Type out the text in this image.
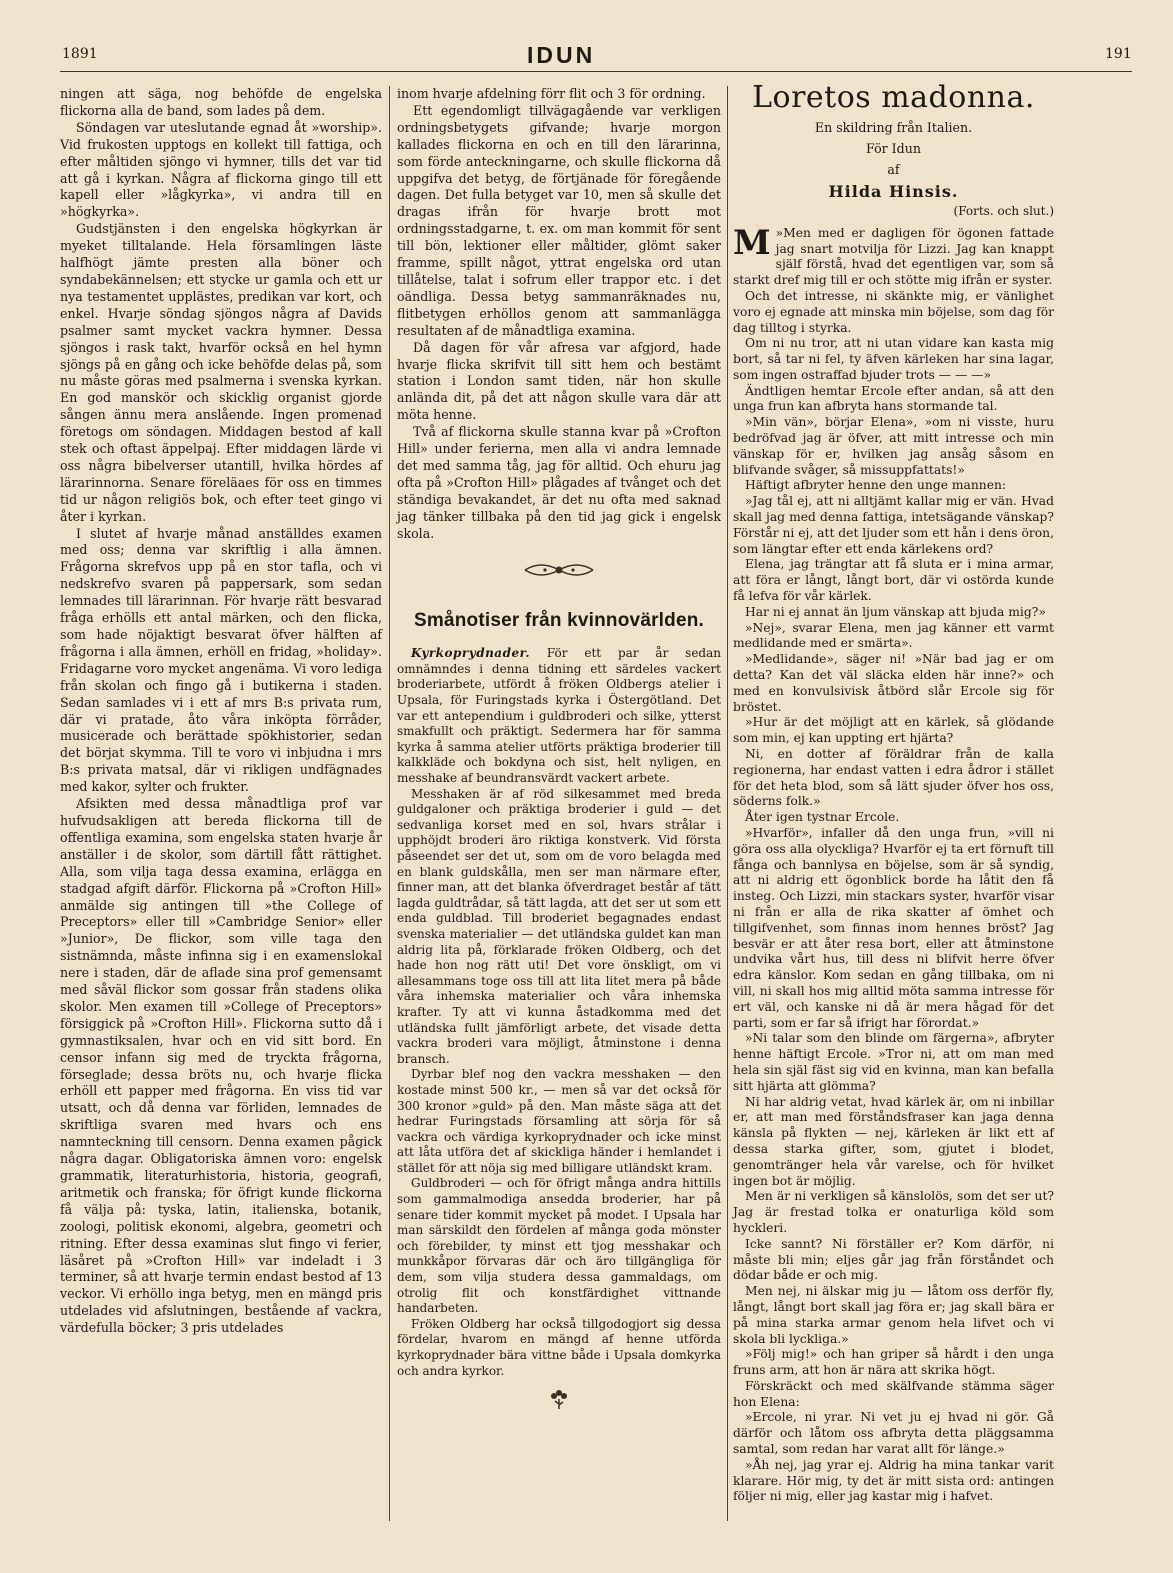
1891	IDUN	191

ningen att säga, nog behöfde de engelska flickorna alla de band, som lades på dem.

Söndagen var uteslutande egnad åt »worship». Vid frukosten upptogs en kollekt till fattiga, och efter måltiden sjöngo vi hymner, tills det var tid att gå i kyrkan. Några af flickorna gingo till ett kapell eller »lågkyrka», vi andra till en »högkyrka».

Gudstjänsten i den engelska högkyrkan är myeket tilltalande. Hela församlingen läste halfhögt jämte presten alla böner och syndabekännelsen; ett stycke ur gamla och ett ur nya testamentet upplästes, predikan var kort, och enkel. Hvarje söndag sjöngos några af Davids psalmer samt mycket vackra hymner. Dessa sjöngos i rask takt, hvarför också en hel hymn sjöngs på en gång och icke behöfde delas på, som nu måste göras med psalmerna i svenska kyrkan. En god manskör och skicklig organist gjorde sången ännu mera anslående. Ingen promenad företogs om söndagen. Middagen bestod af kall stek och oftast äppelpaj. Efter middagen lärde vi oss några bibelverser utantill, hvilka hördes af lärarinnorna. Senare föreläaes för oss en timmes tid ur någon religiös bok, och efter teet gingo vi åter i kyrkan.

I slutet af hvarje månad anställdes examen med oss; denna var skriftlig i alla ämnen. Frågorna skrefvos upp på en stor tafla, och vi nedskrefvo svaren på pappersark, som sedan lemnades till lärarinnan. För hvarje rätt besvarad fråga erhölls ett antal märken, och den flicka, som hade nöjaktigt besvarat öfver hälften af frågorna i alla ämnen, erhöll en fridag, »holiday». Fridagarne voro mycket angenäma. Vi voro lediga från skolan och fingo gå i butikerna i staden. Sedan samlades vi i ett af mrs B:s privata rum, där vi pratade, åto våra inköpta förråder, musicerade och berättade spökhistorier, sedan det börjat skymma. Till te voro vi inbjudna i mrs B:s privata matsal, där vi rikligen undfägnades med kakor, sylter och frukter.

Afsikten med dessa månadtliga prof var hufvudsakligen att bereda flickorna till de offentliga examina, som engelska staten hvarje år anställer i de skolor, som därtill fått rättighet. Alla, som vilja taga dessa examina, erlägga en stadgad afgift därför. Flickorna på »Crofton Hill» anmälde sig antingen till »the College of Preceptors» eller till »Cambridge Senior» eller »Junior», De flickor, som ville taga den sistnämnda, måste infinna sig i en examenslokal nere i staden, där de aflade sina prof gemensamt med såväl flickor som gossar från stadens olika skolor. Men examen till »College of Preceptors» försiggick på »Crofton Hill». Flickorna sutto då i gymnastiksalen, hvar och en vid sitt bord. En censor infann sig med de tryckta frågorna, förseglade; dessa bröts nu, och hvarje flicka erhöll ett papper med frågorna. En viss tid var utsatt, och då denna var förliden, lemnades de skriftliga svaren med hvars och ens namnteckning till censorn. Denna examen pågick några dagar. Obligatoriska ämnen voro: engelsk grammatik, literaturhistoria, historia, geografi, aritmetik och franska; för öfrigt kunde flickorna få välja på: tyska, latin, italienska, botanik, zoologi, politisk ekonomi, algebra, geometri och ritning. Efter dessa examinas slut fingo vi ferier, läsåret på »Crofton Hill» var indeladt i 3 terminer, så att hvarje termin endast bestod af 13 veckor. Vi erhöllo inga betyg, men en mängd pris utdelades vid afslutningen, bestående af vackra, värdefulla böcker; 3 pris utdelades

inom hvarje afdelning förr flit och 3 för ordning.

Ett egendomligt tillvägagående var verkligen ordningsbetygets gifvande; hvarje morgon kallades flickorna en och en till den lärarinna, som förde anteckningarne, och skulle flickorna då uppgifva det betyg, de förtjänade för föregående dagen. Det fulla betyget var 10, men så skulle det dragas ifrån för hvarje brott mot ordningsstadgarne, t. ex. om man kommit för sent till bön, lektioner eller måltider, glömt saker framme, spillt något, yttrat engelska ord utan tillåtelse, talat i sofrum eller trappor etc. i det oändliga. Dessa betyg sammanräknades nu, flitbetygen erhöllos genom att sammanlägga resultaten af de månadtliga examina.

Då dagen för vår afresa var afgjord, hade hvarje flicka skrifvit till sitt hem och bestämt station i London samt tiden, när hon skulle anlända dit, på det att någon skulle vara där att möta henne.

Två af flickorna skulle stanna kvar på »Crofton Hill» under ferierna, men alla vi andra lemnade det med samma tåg, jag för alltid. Och ehuru jag ofta på »Crofton Hill» plågades af tvånget och det ständiga bevakandet, är det nu ofta med saknad jag tänker tillbaka på den tid jag gick i engelsk skola.

Smånotiser från kvinnovärlden.

Kyrkoprydnader. För ett par år sedan omnämndes i denna tidning ett särdeles vackert broderiarbete, utfördt å fröken Oldbergs atelier i Upsala, för Furingstads kyrka i Östergötland. Det var ett antependium i guldbroderi och silke, ytterst smakfullt och präktigt. Sedermera har för samma kyrka å samma atelier utförts präktiga broderier till kalkkläde och bokdyna och sist, helt nyligen, en messhake af beundransvärdt vackert arbete.

Messhaken är af röd silkesammet med breda guldgaloner och präktiga broderier i guld — det sedvanliga korset med en sol, hvars strålar i upphöjdt broderi äro riktiga konstverk. Vid första påseendet ser det ut, som om de voro belagda med en blank guldskålla, men ser man närmare efter, finner man, att det blanka öfverdraget består af tätt lagda guldtrådar, så tätt lagda, att det ser ut som ett enda guldblad. Till broderiet begagnades endast svenska materialier — det utländska guldet kan man aldrig lita på, förklarade fröken Oldberg, och det hade hon nog rätt uti! Det vore önskligt, om vi allesammans toge oss till att lita litet mera på både våra inhemska materialier och våra inhemska krafter. Ty att vi kunna åstadkomma med det utländska fullt jämförligt arbete, det visade detta vackra broderi vara möjligt, åtminstone i denna bransch.

Dyrbar blef nog den vackra messhaken — den kostade minst 500 kr., — men så var det också för 300 kronor »guld» på den. Man måste säga att det hedrar Furingstads församling att sörja för så vackra och värdiga kyrkoprydnader och icke minst att låta utföra det af skickliga händer i hemlandet i stället för att nöja sig med billigare utländskt kram.

Guldbroderi — och för öfrigt många andra hittills som gammalmodiga ansedda broderier, har på senare tider kommit mycket på modet. I Upsala har man särskildt den fördelen af många goda mönster och förebilder, ty minst ett tjog messhakar och munkkåpor förvaras där och äro tillgängliga för dem, som vilja studera dessa gammaldags, om otrolig flit och konstfärdighet vittnande handarbeten.

Fröken Oldberg har också tillgodogjort sig dessa fördelar, hvarom en mängd af henne utförda kyrkoprydnader bära vittne både i Upsala domkyrka och andra kyrkor.

Loretos madonna.
En skildring från Italien.
För Idun
af
Hilda Hinsis.
(Forts. och slut.)

M »Men med er dagligen för ögonen fattade jag snart motvilja för Lizzi. Jag kan knappt själf förstå, hvad det egentligen var, som så starkt dref mig till er och stötte mig ifrån er syster.

Och det intresse, ni skänkte mig, er vänlighet voro ej egnade att minska min böjelse, som dag för dag tilltog i styrka.

Om ni nu tror, att ni utan vidare kan kasta mig bort, så tar ni fel, ty äfven kärleken har sina lagar, som ingen ostraffad bjuder trots — — —»

Ändtligen hemtar Ercole efter andan, så att den unga frun kan afbryta hans stormande tal.

»Min vän», börjar Elena», »om ni visste, huru bedröfvad jag är öfver, att mitt intresse och min vänskap för er, hvilken jag ansåg såsom en blifvande svåger, så missuppfattats!»

Häftigt afbryter henne den unge mannen:

»Jag tål ej, att ni alltjämt kallar mig er vän. Hvad skall jag med denna fattiga, intetsägande vänskap? Förstår ni ej, att det ljuder som ett hån i dens öron, som längtar efter ett enda kärlekens ord?

Elena, jag trängtar att få sluta er i mina armar, att föra er långt, långt bort, där vi ostörda kunde få lefva för vår kärlek.

Har ni ej annat än ljum vänskap att bjuda mig?»

»Nej», svarar Elena, men jag känner ett varmt medlidande med er smärta».

»Medlidande», säger ni! »När bad jag er om detta? Kan det väl släcka elden här inne?» och med en konvulsivisk åtbörd slår Ercole sig för bröstet.

»Hur är det möjligt att en kärlek, så glödande som min, ej kan uppting ert hjärta?

Ni, en dotter af föräldrar från de kalla regionerna, har endast vatten i edra ådror i stället för det heta blod, som så lätt sjuder öfver hos oss, söderns folk.»

Åter igen tystnar Ercole.

»Hvarför», infaller då den unga frun, »vill ni göra oss alla olyckliga? Hvarför ej ta ert förnuft till fånga och bannlysa en böjelse, som är så syndig, att ni aldrig ett ögonblick borde ha låtit den få insteg. Och Lizzi, min stackars syster, hvarför visar ni från er alla de rika skatter af ömhet och tillgifvenhet, som finnas inom hennes bröst? Jag besvär er att åter resa bort, eller att åtminstone undvika vårt hus, till dess ni blifvit herre öfver edra känslor. Kom sedan en gång tillbaka, om ni vill, ni skall hos mig alltid möta samma intresse för ert väl, och kanske ni då är mera hågad för det parti, som er far så ifrigt har förordat.»

»Ni talar som den blinde om färgerna», afbryter henne häftigt Ercole. »Tror ni, att om man med hela sin själ fäst sig vid en kvinna, man kan befalla sitt hjärta att glömma?

Ni har aldrig vetat, hvad kärlek är, om ni inbillar er, att man med förståndsfraser kan jaga denna känsla på flykten — nej, kärleken är likt ett af dessa starka gifter, som, gjutet i blodet, genomtränger hela vår varelse, och för hvilket ingen bot är möjlig.

Men är ni verkligen så känslolös, som det ser ut? Jag är frestad tolka er onaturliga köld som hyckleri.

Icke sannt? Ni förställer er? Kom därför, ni måste bli min; eljes går jag från förståndet och dödar både er och mig.

Men nej, ni älskar mig ju — låtom oss derför fly, långt, långt bort skall jag föra er; jag skall bära er på mina starka armar genom hela lifvet och vi skola bli lyckliga.»

»Följ mig!» och han griper så hårdt i den unga fruns arm, att hon är nära att skrika högt.

Förskräckt och med skälfvande stämma säger hon Elena:

»Ercole, ni yrar. Ni vet ju ej hvad ni gör. Gå därför och låtom oss afbryta detta pläggsamma samtal, som redan har varat allt för länge.»

»Åh nej, jag yrar ej. Aldrig ha mina tankar varit klarare. Hör mig, ty det är mitt sista ord: antingen följer ni mig, eller jag kastar mig i hafvet.
